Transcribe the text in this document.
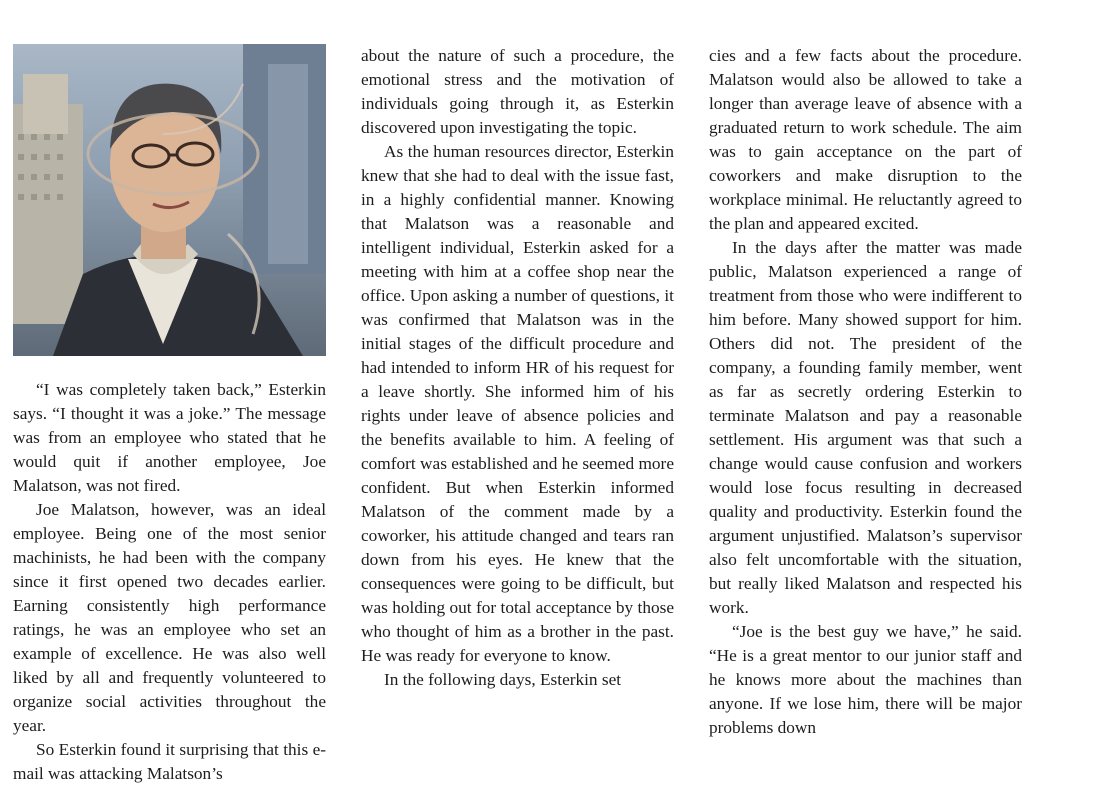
“I was completely taken back,” Esterkin says. “I thought it was a joke.” The message was from an employee who stated that he would quit if another employee, Joe Malatson, was not fired.

Joe Malatson, however, was an ideal employee. Being one of the most senior machinists, he had been with the company since it first opened two decades earlier. Earning consistently high performance ratings, he was an employee who set an example of excellence. He was also well liked by all and frequently volunteered to organize social activities throughout the year.

So Esterkin found it surprising that this e-mail was attacking Malatson’s

about the nature of such a procedure, the emotional stress and the motivation of individuals going through it, as Esterkin discovered upon investigating the topic.

As the human resources director, Esterkin knew that she had to deal with the issue fast, in a highly confidential manner. Knowing that Malatson was a reasonable and intelligent individual, Esterkin asked for a meeting with him at a coffee shop near the office. Upon asking a number of questions, it was confirmed that Malatson was in the initial stages of the difficult procedure and had intended to inform HR of his request for a leave shortly. She informed him of his rights under leave of absence policies and the benefits available to him. A feeling of comfort was established and he seemed more confident. But when Esterkin informed Malatson of the comment made by a coworker, his attitude changed and tears ran down from his eyes. He knew that the consequences were going to be difficult, but was holding out for total acceptance by those who thought of him as a brother in the past. He was ready for everyone to know.

In the following days, Esterkin set

cies and a few facts about the procedure. Malatson would also be allowed to take a longer than average leave of absence with a graduated return to work schedule. The aim was to gain acceptance on the part of coworkers and make disruption to the workplace minimal. He reluctantly agreed to the plan and appeared excited.

In the days after the matter was made public, Malatson experienced a range of treatment from those who were indifferent to him before. Many showed support for him. Others did not. The president of the company, a founding family member, went as far as secretly ordering Esterkin to terminate Malatson and pay a reasonable settlement. His argument was that such a change would cause confusion and workers would lose focus resulting in decreased quality and productivity. Esterkin found the argument unjustified. Malatson’s supervisor also felt uncomfortable with the situation, but really liked Malatson and respected his work.

“Joe is the best guy we have,” he said. “He is a great mentor to our junior staff and he knows more about the machines than anyone. If we lose him, there will be major problems down
